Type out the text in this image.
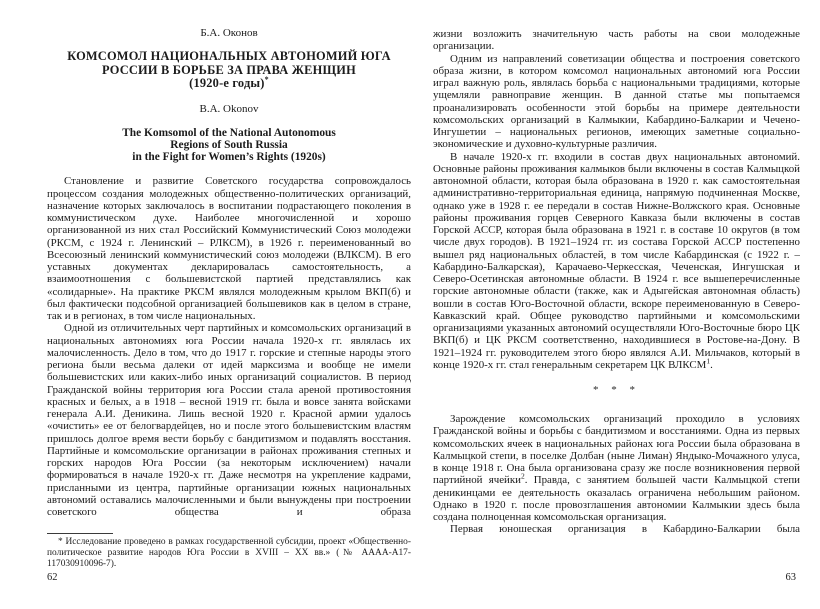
Б.А. Оконов
КОМСОМОЛ НАЦИОНАЛЬНЫХ АВТОНОМИЙ ЮГА
РОССИИ В БОРЬБЕ ЗА ПРАВА ЖЕНЩИН
(1920-е годы)*
B.A. Okonov
The Komsomol of the National Autonomous
Regions of South Russia
in the Fight for Women’s Rights (1920s)

Становление и развитие Советского государства сопровождалось процессом создания молодежных общественно-политических организаций, назначение которых заключалось в воспитании подрастающего поколения в коммунистическом духе. Наиболее многочисленной и хорошо организованной из них стал Российский Коммунистический Союз молодежи (РКСМ, с 1924 г. Ленинский – РЛКСМ), в 1926 г. переименованный во Всесоюзный ленинский коммунистический союз молодежи (ВЛКСМ). В его уставных документах декларировалась самостоятельность, а взаимоотношения с большевистской партией представлялись как «солидарные». На практике РКСМ являлся молодежным крылом ВКП(б) и был фактически подсобной организацией большевиков как в целом в стране, так и в регионах, в том числе национальных.

Одной из отличительных черт партийных и комсомольских организаций в национальных автономиях юга России начала 1920-х гг. являлась их малочисленность. Дело в том, что до 1917 г. горские и степные народы этого региона были весьма далеки от идей марксизма и вообще не имели большевистских или каких-либо иных организаций социалистов. В период Гражданской войны территория юга России стала ареной противостояния красных и белых, а в 1918 – весной 1919 гг. была и вовсе занята войсками генерала А.И. Деникина. Лишь весной 1920 г. Красной армии удалось «очистить» ее от белогвардейцев, но и после этого большевистским властям пришлось долгое время вести борьбу с бандитизмом и подавлять восстания. Партийные и комсомольские организации в районах проживания степных и горских народов Юга России (за некоторым исключением) начали формироваться в начале 1920-х гг. Даже несмотря на укрепление кадрами, присланными из центра, партийные организации южных национальных автономий оставались малочисленными и были вынуждены при построении советского общества и образа

* Исследование проведено в рамках государственной субсидии, проект «Общественно-политическое развитие народов Юга России в XVIII – XX вв.» (№ АААА-А17-117030910096-7).

62

жизни возложить значительную часть работы на свои молодежные организации.

Одним из направлений советизации общества и построения советского образа жизни, в котором комсомол национальных автономий юга России играл важную роль, являлась борьба с национальными традициями, которые ущемляли равноправие женщин. В данной статье мы попытаемся проанализировать особенности этой борьбы на примере деятельности комсомольских организаций в Калмыкии, Кабардино-Балкарии и Чечено-Ингушетии – национальных регионов, имеющих заметные социально-экономические и духовно-культурные различия.

В начале 1920-х гг. входили в состав двух национальных автономий. Основные районы проживания калмыков были включены в состав Калмыцкой автономной области, которая была образована в 1920 г. как самостоятельная административно-территориальная единица, напрямую подчиненная Москве, однако уже в 1928 г. ее передали в состав Нижне-Волжского края. Основные районы проживания горцев Северного Кавказа были включены в состав Горской АССР, которая была образована в 1921 г. в составе 10 округов (в том числе двух городов). В 1921–1924 гг. из состава Горской АССР постепенно вышел ряд национальных областей, в том числе Кабардинская (с 1922 г. – Кабардино-Балкарская), Карачаево-Черкесская, Чеченская, Ингушская и Северо-Осетинская автономные области. В 1924 г. все вышеперечисленные горские автономные области (также, как и Адыгейская автономная область) вошли в состав Юго-Восточной области, вскоре переименованную в Северо-Кавказский край. Общее руководство партийными и комсомольскими организациями указанных автономий осуществляли Юго-Восточные бюро ЦК ВКП(б) и ЦК РКСМ соответственно, находившиеся в Ростове-на-Дону. В 1921–1924 гг. руководителем этого бюро являлся А.И. Мильчаков, который в конце 1920-х гг. стал генеральным секретарем ЦК ВЛКСМ$^1$.

* * *

Зарождение комсомольских организаций проходило в условиях Гражданской войны и борьбы с бандитизмом и восстаниями. Одна из первых комсомольских ячеек в национальных районах юга России была образована в Калмыцкой степи, в поселке Долбан (ныне Лиман) Яндыко-Мочажного улуса, в конце 1918 г. Она была организована сразу же после возникновения первой партийной ячейки$^2$. Правда, с занятием большей части Калмыцкой степи деникинцами ее деятельность оказалась ограничена небольшим районом. Однако в 1920 г. после провозглашения автономии Калмыкии здесь была создана полноценная комсомольская организация.

Первая юношеская организация в Кабардино-Балкарии была

63
